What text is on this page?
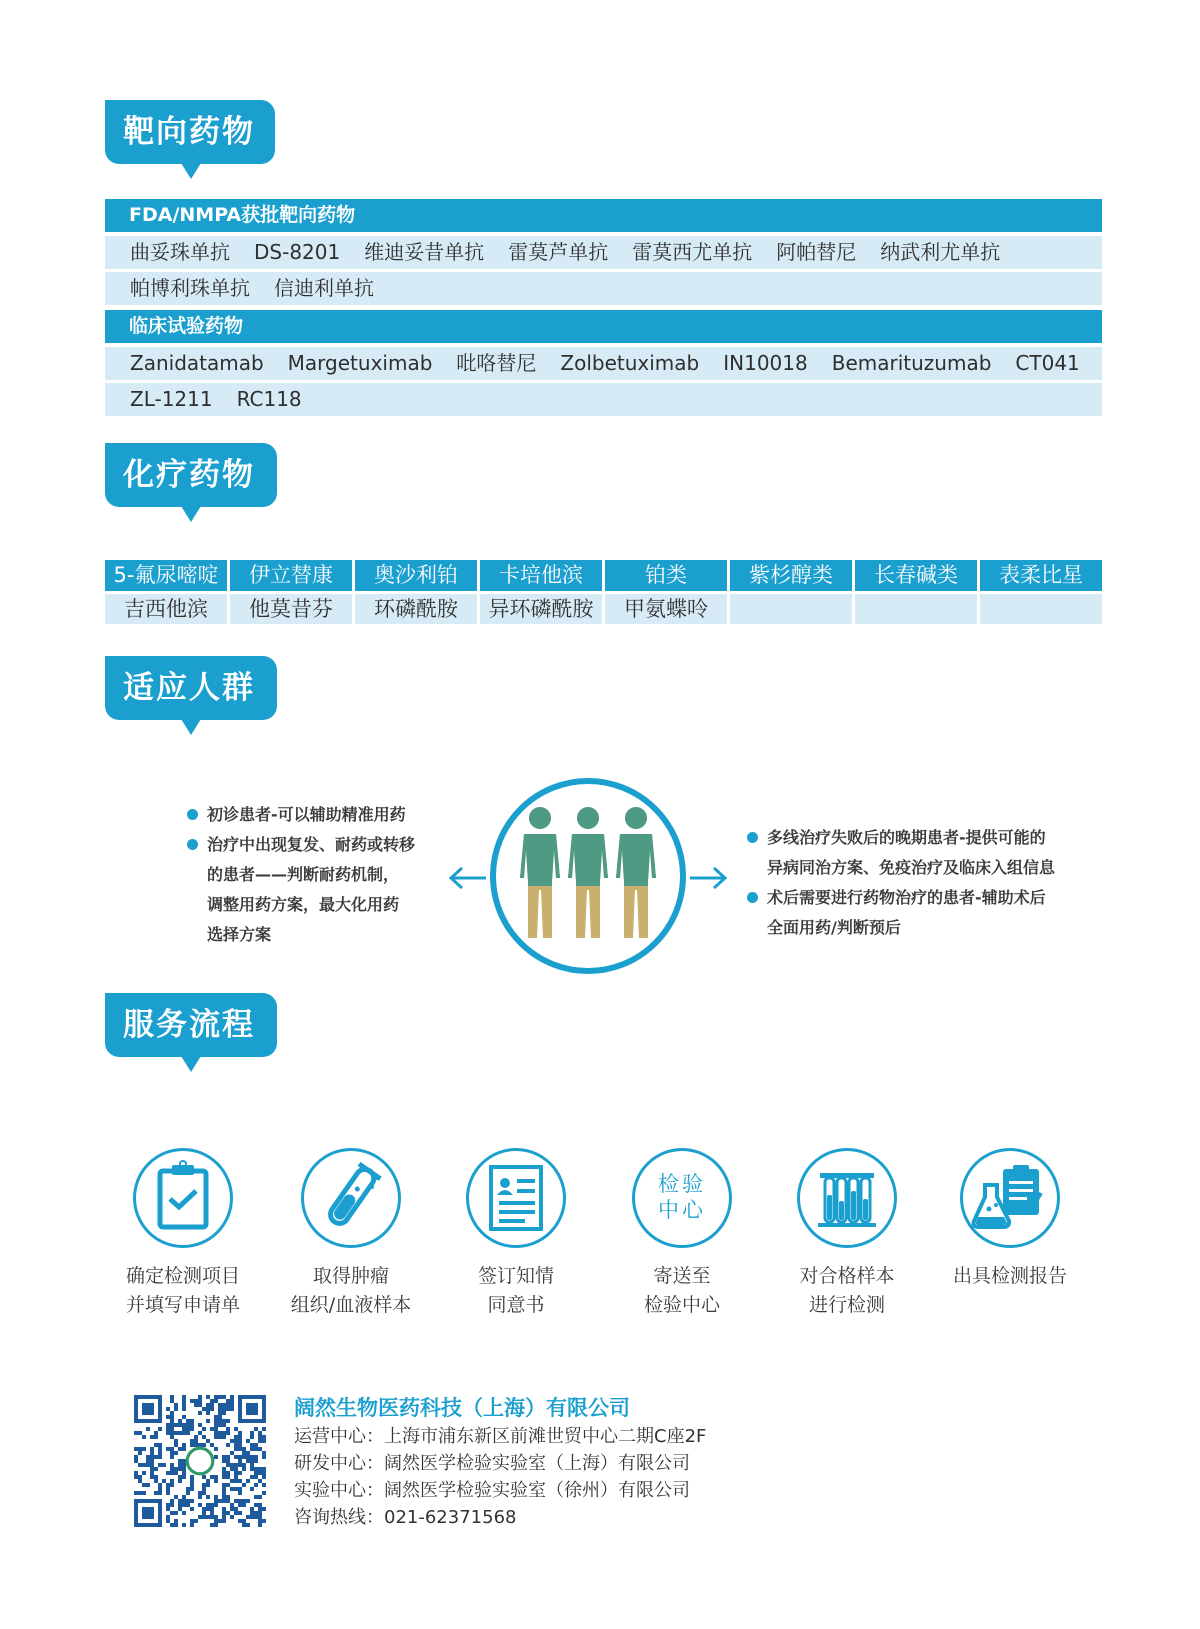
靶向药物
FDA/NMPA获批靶向药物
曲妥珠单抗 DS-8201 维迪妥昔单抗 雷莫芦单抗 雷莫西尤单抗 阿帕替尼 纳武利尤单抗
帕博利珠单抗 信迪利单抗
临床试验药物
Zanidatamab Margetuximab 吡咯替尼 Zolbetuximab IN10018 Bemarituzumab CT041
ZL-1211 RC118
化疗药物
5-氟尿嘧啶	伊立替康	奥沙利铂	卡培他滨	铂类	紫杉醇类	长春碱类	表柔比星
吉西他滨	他莫昔芬	环磷酰胺	异环磷酰胺	甲氨蝶呤
适应人群
初诊患者-可以辅助精准用药
治疗中出现复发、耐药或转移
的患者——判断耐药机制，
调整用药方案，最大化用药
选择方案
多线治疗失败后的晚期患者-提供可能的
异病同治方案、免疫治疗及临床入组信息
术后需要进行药物治疗的患者-辅助术后
全面用药/判断预后
服务流程
确定检测项目
并填写申请单
取得肿瘤
组织/血液样本
签订知情
同意书
检验
中心
寄送至
检验中心
对合格样本
进行检测
出具检测报告
阔然生物医药科技（上海）有限公司
运营中心：上海市浦东新区前滩世贸中心二期C座2F
研发中心：阔然医学检验实验室（上海）有限公司
实验中心：阔然医学检验实验室（徐州）有限公司
咨询热线：021-62371568
